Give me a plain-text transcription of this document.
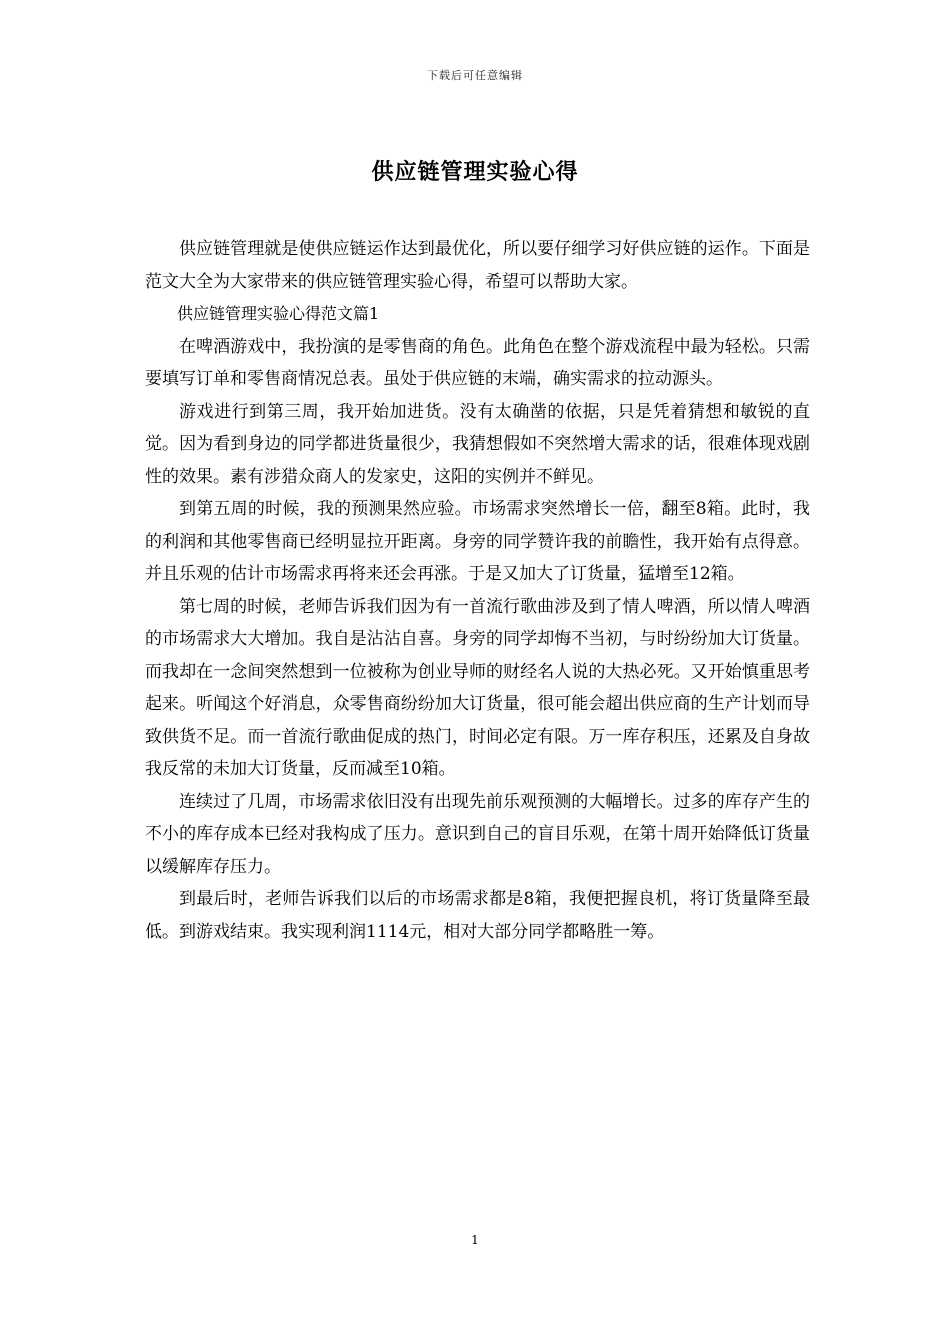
下载后可任意编辑
供应链管理实验心得

供应链管理就是使供应链运作达到最优化，所以要仔细学习好供应链的运作。下面是范文大全为大家带来的供应链管理实验心得，希望可以帮助大家。

供应链管理实验心得范文篇1

在啤酒游戏中，我扮演的是零售商的角色。此角色在整个游戏流程中最为轻松。只需要填写订单和零售商情况总表。虽处于供应链的末端，确实需求的拉动源头。

游戏进行到第三周，我开始加进货。没有太确凿的依据，只是凭着猜想和敏锐的直觉。因为看到身边的同学都进货量很少，我猜想假如不突然增大需求的话，很难体现戏剧性的效果。素有涉猎众商人的发家史，这阳的实例并不鲜见。

到第五周的时候，我的预测果然应验。市场需求突然增长一倍，翻至8箱。此时，我的利润和其他零售商已经明显拉开距离。身旁的同学赞许我的前瞻性，我开始有点得意。并且乐观的估计市场需求再将来还会再涨。于是又加大了订货量，猛增至12箱。

第七周的时候，老师告诉我们因为有一首流行歌曲涉及到了情人啤酒，所以情人啤酒的市场需求大大增加。我自是沾沾自喜。身旁的同学却悔不当初，与时纷纷加大订货量。而我却在一念间突然想到一位被称为创业导师的财经名人说的大热必死。又开始慎重思考起来。听闻这个好消息，众零售商纷纷加大订货量，很可能会超出供应商的生产计划而导致供货不足。而一首流行歌曲促成的热门，时间必定有限。万一库存积压，还累及自身故我反常的未加大订货量，反而减至10箱。

连续过了几周，市场需求依旧没有出现先前乐观预测的大幅增长。过多的库存产生的不小的库存成本已经对我构成了压力。意识到自己的盲目乐观，在第十周开始降低订货量以缓解库存压力。

到最后时，老师告诉我们以后的市场需求都是8箱，我便把握良机，将订货量降至最低。到游戏结束。我实现利润1114元，相对大部分同学都略胜一筹。

1
